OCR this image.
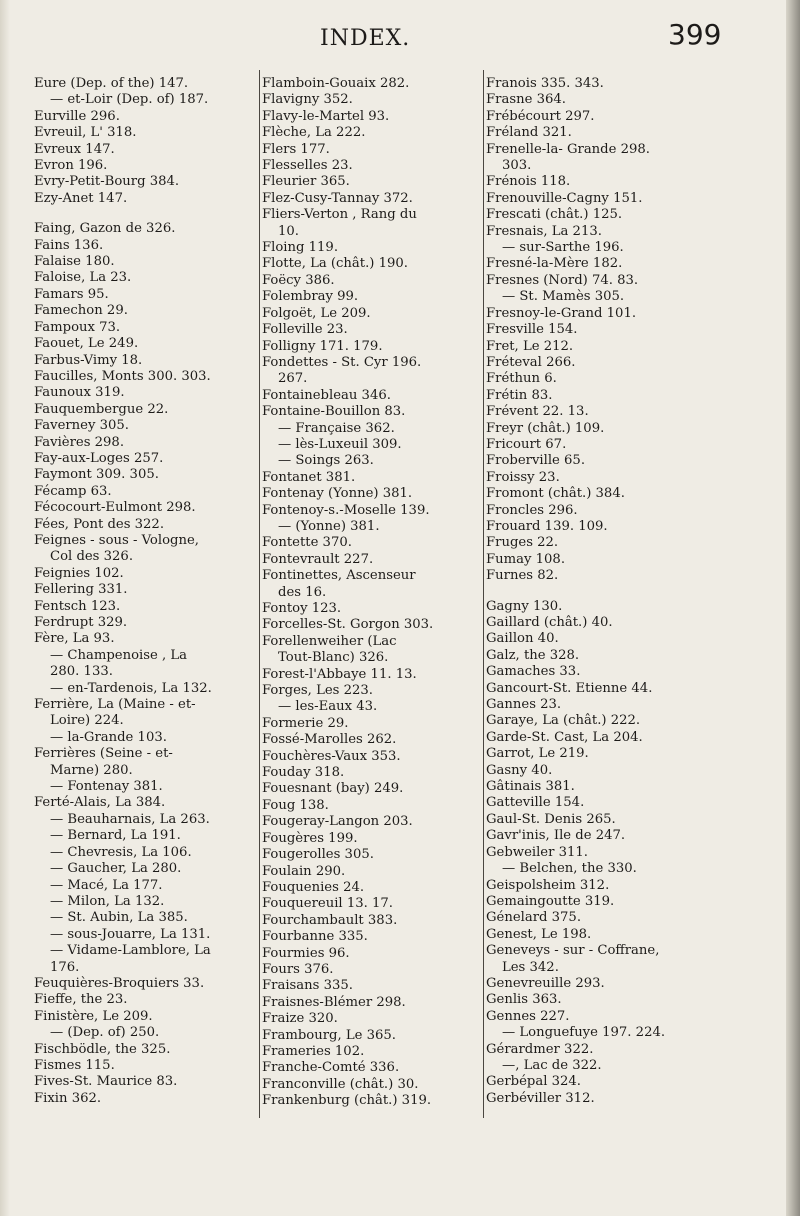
INDEX.	399
Eure (Dep. of the) 147.
— et-Loir (Dep. of) 187.
Eurville 296.
Evreuil, L' 318.
Evreux 147.
Evron 196.
Evry-Petit-Bourg 384.
Ezy-Anet 147.
Faing, Gazon de 326.
Fains 136.
Falaise 180.
Faloise, La 23.
Famars 95.
Famechon 29.
Fampoux 73.
Faouet, Le 249.
Farbus-Vimy 18.
Faucilles, Monts 300. 303.
Faunoux 319.
Fauquembergue 22.
Faverney 305.
Favières 298.
Fay-aux-Loges 257.
Faymont 309. 305.
Fécamp 63.
Fécocourt-Eulmont 298.
Fées, Pont des 322.
Feignes - sous - Vologne,
Col des 326.
Feignies 102.
Fellering 331.
Fentsch 123.
Ferdrupt 329.
Fère, La 93.
— Champenoise , La
280. 133.
— en-Tardenois, La 132.
Ferrière, La (Maine - et-
Loire) 224.
— la-Grande 103.
Ferrières (Seine - et-
Marne) 280.
— Fontenay 381.
Ferté-Alais, La 384.
— Beauharnais, La 263.
— Bernard, La 191.
— Chevresis, La 106.
— Gaucher, La 280.
— Macé, La 177.
— Milon, La 132.
— St. Aubin, La 385.
— sous-Jouarre, La 131.
— Vidame-Lamblore, La
176.
Feuquières-Broquiers 33.
Fieffe, the 23.
Finistère, Le 209.
— (Dep. of) 250.
Fischbödle, the 325.
Fismes 115.
Fives-St. Maurice 83.
Fixin 362.
Flamboin-Gouaix 282.
Flavigny 352.
Flavy-le-Martel 93.
Flèche, La 222.
Flers 177.
Flesselles 23.
Fleurier 365.
Flez-Cusy-Tannay 372.
Fliers-Verton , Rang du
10.
Floing 119.
Flotte, La (chât.) 190.
Foëcy 386.
Folembray 99.
Folgoët, Le 209.
Folleville 23.
Folligny 171. 179.
Fondettes - St. Cyr 196.
267.
Fontainebleau 346.
Fontaine-Bouillon 83.
— Française 362.
— lès-Luxeuil 309.
— Soings 263.
Fontanet 381.
Fontenay (Yonne) 381.
Fontenoy-s.-Moselle 139.
— (Yonne) 381.
Fontette 370.
Fontevrault 227.
Fontinettes, Ascenseur
des 16.
Fontoy 123.
Forcelles-St. Gorgon 303.
Forellenweiher (Lac
Tout-Blanc) 326.
Forest-l'Abbaye 11. 13.
Forges, Les 223.
— les-Eaux 43.
Formerie 29.
Fossé-Marolles 262.
Fouchères-Vaux 353.
Fouday 318.
Fouesnant (bay) 249.
Foug 138.
Fougeray-Langon 203.
Fougères 199.
Fougerolles 305.
Foulain 290.
Fouquenies 24.
Fouquereuil 13. 17.
Fourchambault 383.
Fourbanne 335.
Fourmies 96.
Fours 376.
Fraisans 335.
Fraisnes-Blémer 298.
Fraize 320.
Frambourg, Le 365.
Frameries 102.
Franche-Comté 336.
Franconville (chât.) 30.
Frankenburg (chât.) 319.
Franois 335. 343.
Frasne 364.
Frébécourt 297.
Fréland 321.
Frenelle-la- Grande 298.
303.
Frénois 118.
Frenouville-Cagny 151.
Frescati (chât.) 125.
Fresnais, La 213.
— sur-Sarthe 196.
Fresné-la-Mère 182.
Fresnes (Nord) 74. 83.
— St. Mamès 305.
Fresnoy-le-Grand 101.
Fresville 154.
Fret, Le 212.
Fréteval 266.
Fréthun 6.
Frétin 83.
Frévent 22. 13.
Freyr (chât.) 109.
Fricourt 67.
Froberville 65.
Froissy 23.
Fromont (chât.) 384.
Froncles 296.
Frouard 139. 109.
Fruges 22.
Fumay 108.
Furnes 82.
Gagny 130.
Gaillard (chât.) 40.
Gaillon 40.
Galz, the 328.
Gamaches 33.
Gancourt-St. Etienne 44.
Gannes 23.
Garaye, La (chât.) 222.
Garde-St. Cast, La 204.
Garrot, Le 219.
Gasny 40.
Gâtinais 381.
Gatteville 154.
Gaul-St. Denis 265.
Gavr'inis, Ile de 247.
Gebweiler 311.
— Belchen, the 330.
Geispolsheim 312.
Gemaingoutte 319.
Génelard 375.
Genest, Le 198.
Geneveys - sur - Coffrane,
Les 342.
Genevreuille 293.
Genlis 363.
Gennes 227.
— Longuefuye 197. 224.
Gérardmer 322.
—, Lac de 322.
Gerbépal 324.
Gerbéviller 312.
